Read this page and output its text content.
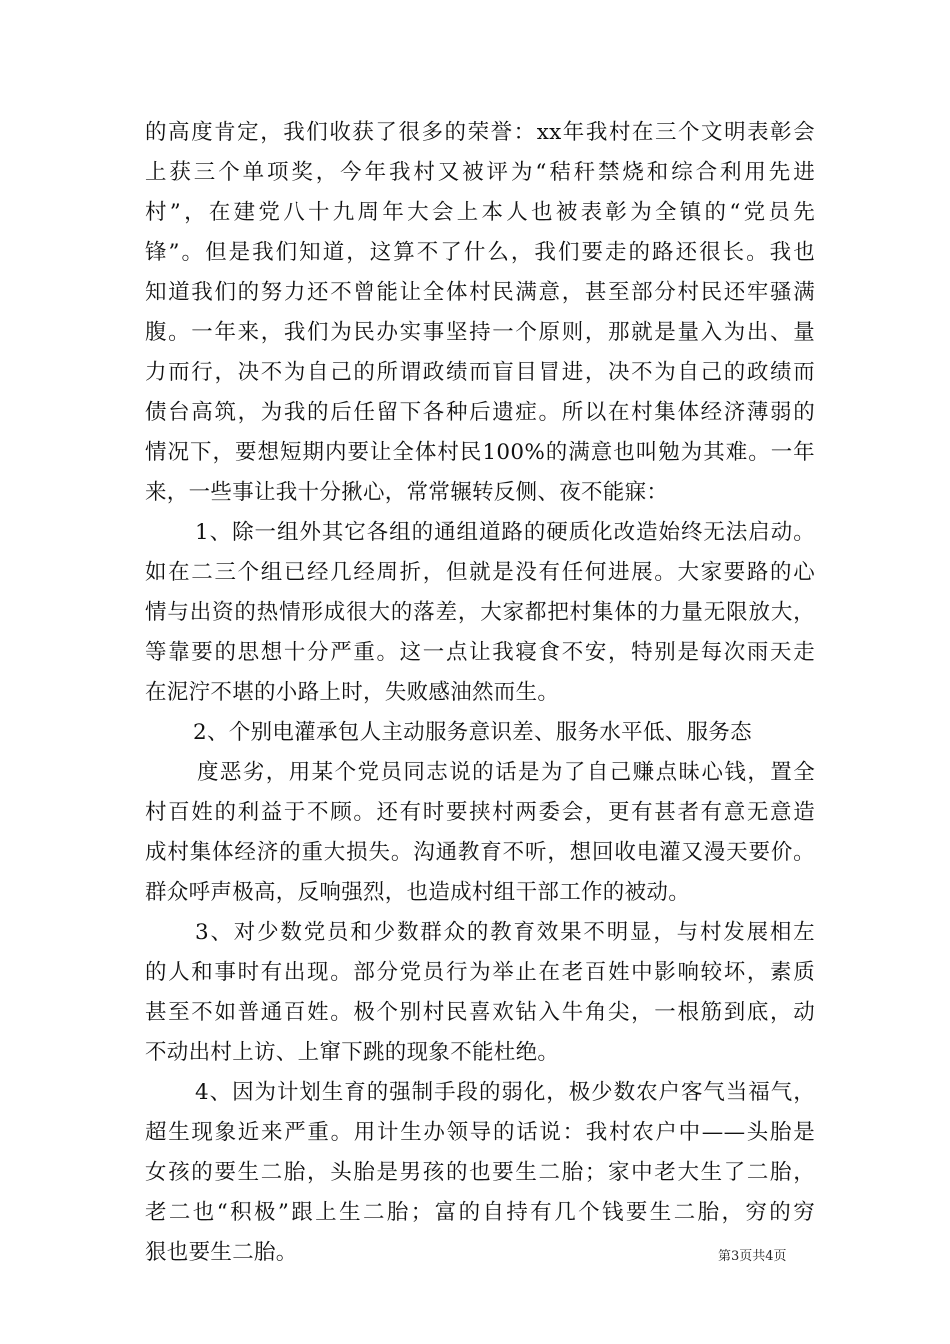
的高度肯定，我们收获了很多的荣誉：xx年我村在三个文明表彰会
上获三个单项奖，今年我村又被评为“秸秆禁烧和综合利用先进
村”，在建党八十九周年大会上本人也被表彰为全镇的“党员先
锋”。但是我们知道，这算不了什么，我们要走的路还很长。我也
知道我们的努力还不曾能让全体村民满意，甚至部分村民还牢骚满
腹。一年来，我们为民办实事坚持一个原则，那就是量入为出、量
力而行，决不为自己的所谓政绩而盲目冒进，决不为自己的政绩而
债台高筑，为我的后任留下各种后遗症。所以在村集体经济薄弱的
情况下，要想短期内要让全体村民100%的满意也叫勉为其难。一年
来，一些事让我十分揪心，常常辗转反侧、夜不能寐：
1、除一组外其它各组的通组道路的硬质化改造始终无法启动。
如在二三个组已经几经周折，但就是没有任何进展。大家要路的心
情与出资的热情形成很大的落差，大家都把村集体的力量无限放大，
等靠要的思想十分严重。这一点让我寝食不安，特别是每次雨天走
在泥泞不堪的小路上时，失败感油然而生。
2、个别电灌承包人主动服务意识差、服务水平低、服务态
度恶劣，用某个党员同志说的话是为了自己赚点昧心钱，置全
村百姓的利益于不顾。还有时要挟村两委会，更有甚者有意无意造
成村集体经济的重大损失。沟通教育不听，想回收电灌又漫天要价。
群众呼声极高，反响强烈，也造成村组干部工作的被动。
3、对少数党员和少数群众的教育效果不明显，与村发展相左
的人和事时有出现。部分党员行为举止在老百姓中影响较坏，素质
甚至不如普通百姓。极个别村民喜欢钻入牛角尖，一根筋到底，动
不动出村上访、上窜下跳的现象不能杜绝。
4、因为计划生育的强制手段的弱化，极少数农户客气当福气，
超生现象近来严重。用计生办领导的话说：我村农户中——头胎是
女孩的要生二胎，头胎是男孩的也要生二胎；家中老大生了二胎，
老二也“积极”跟上生二胎；富的自持有几个钱要生二胎，穷的穷
狠也要生二胎。	第3页共4页
